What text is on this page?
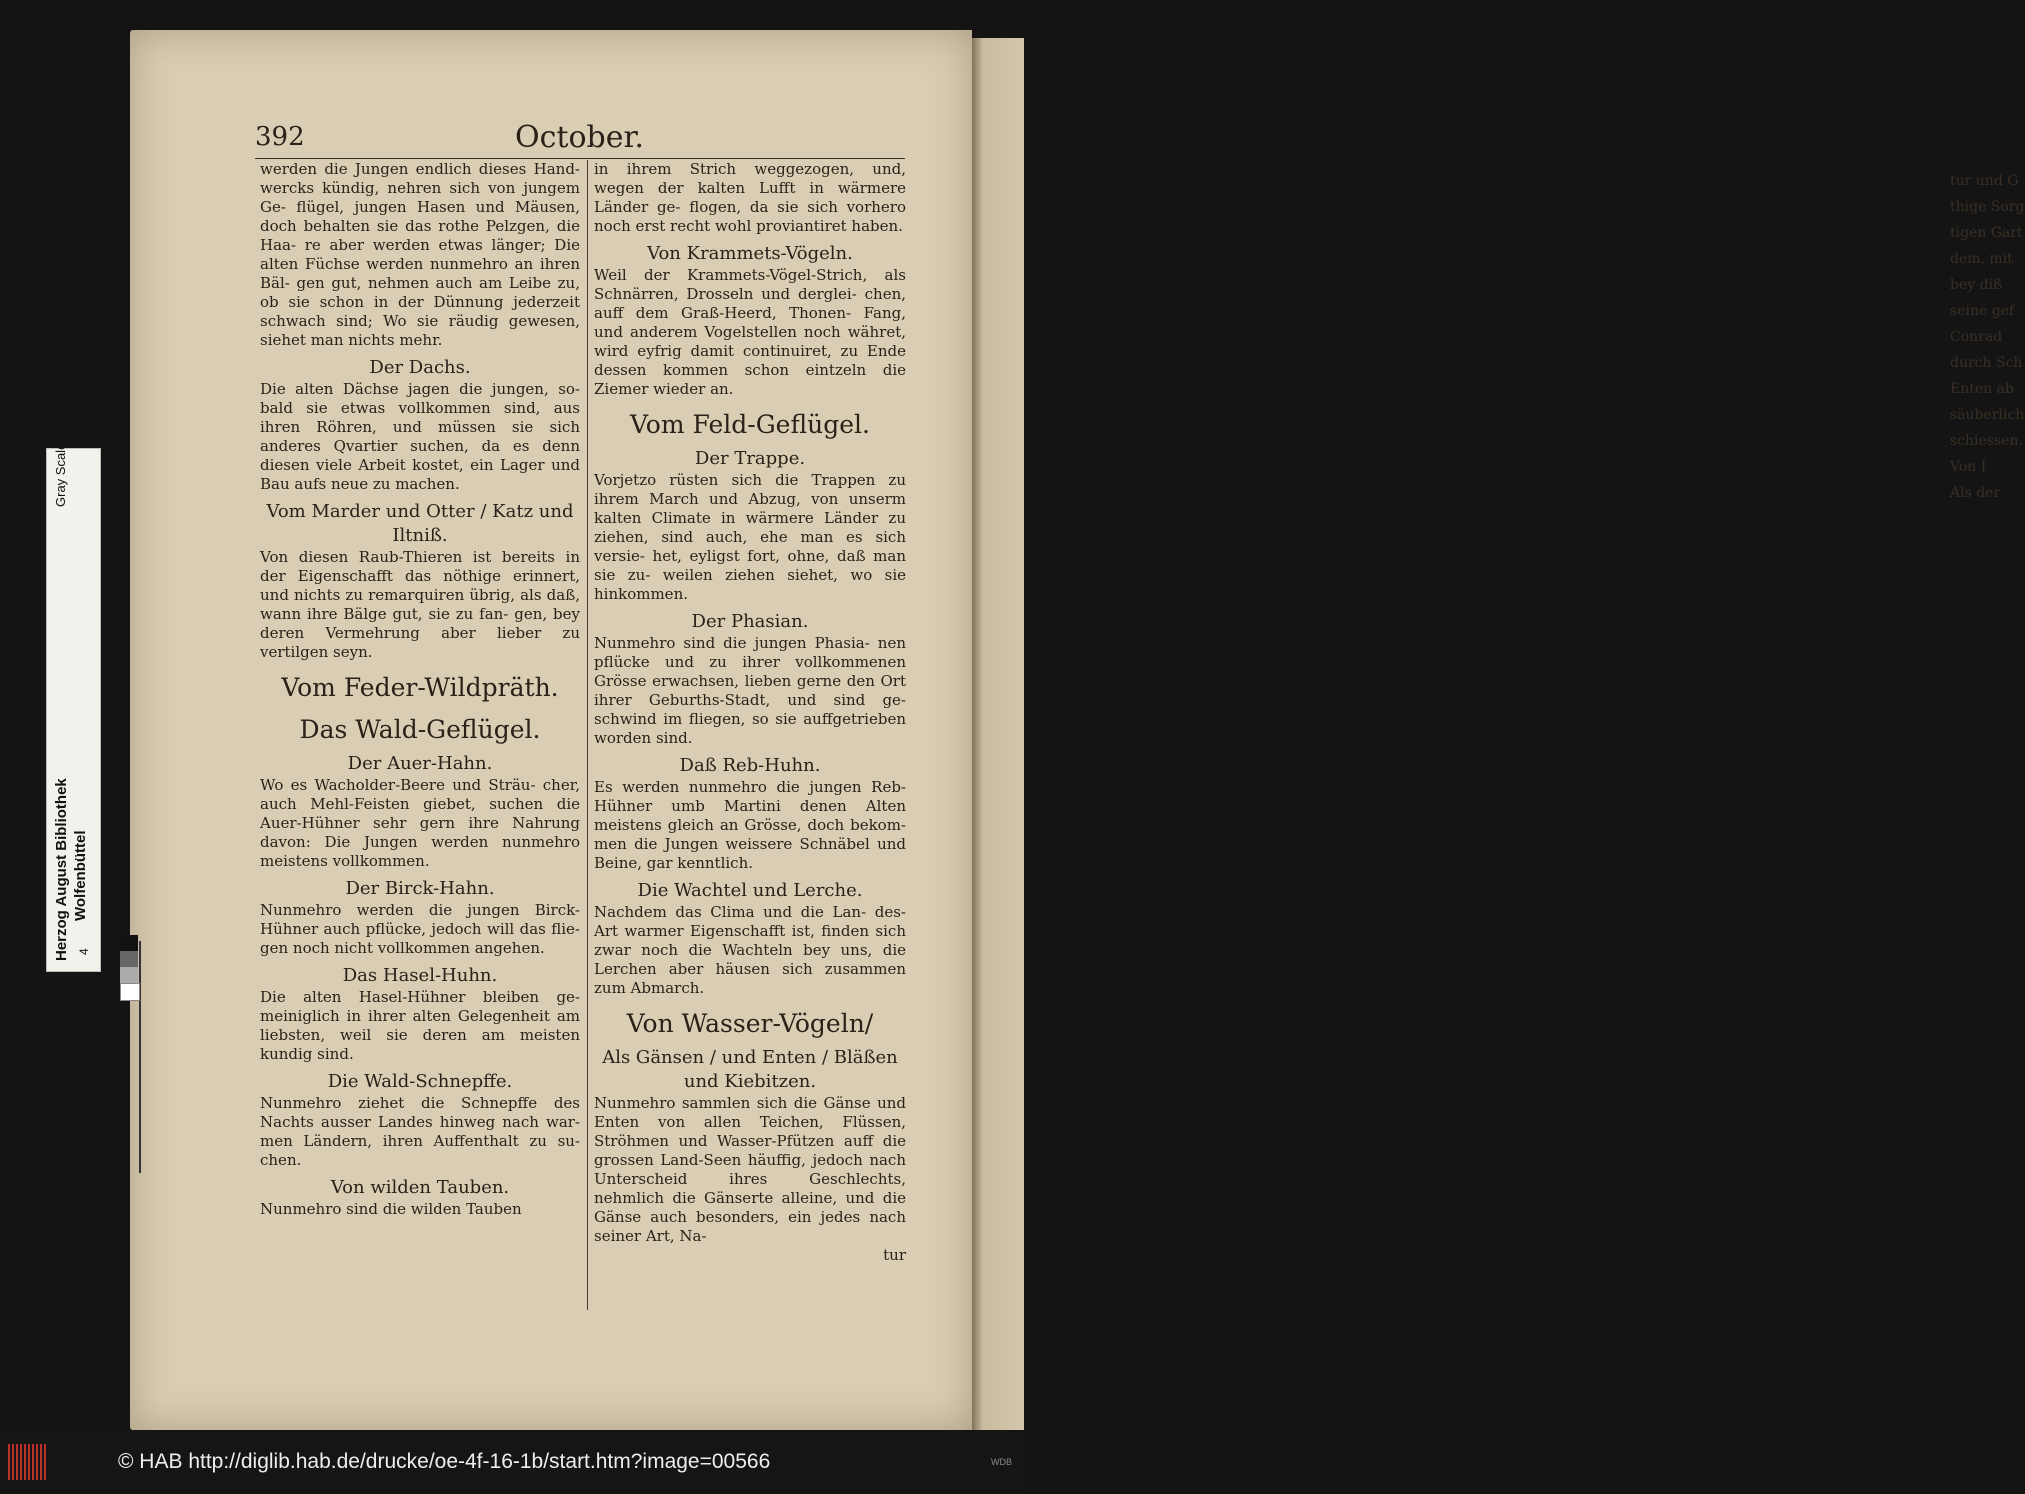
tur und G
thige Sorg
tigen Gart
dem, mit
bey diß
seine gef
Conrad
durch Sch
Enten ab
säuberlich
schiessen.
Von I
Als der
392	October.
werden die Jungen endlich dieses Hand- wercks kündig, nehren sich von jungem Ge- flügel, jungen Hasen und Mäusen, doch behalten sie das rothe Pelzgen, die Haa- re aber werden etwas länger; Die alten Füchse werden nunmehro an ihren Bäl- gen gut, nehmen auch am Leibe zu, ob sie schon in der Dünnung jederzeit schwach sind; Wo sie räudig gewesen, siehet man nichts mehr.
Der Dachs.
Die alten Dächse jagen die jungen, so- bald sie etwas vollkommen sind, aus ihren Röhren, und müssen sie sich anderes Qvartier suchen, da es denn diesen viele Arbeit kostet, ein Lager und Bau aufs neue zu machen.
Vom Marder und Otter / Katz und Iltniß.
Von diesen Raub-Thieren ist bereits in der Eigenschafft das nöthige erinnert, und nichts zu remarquiren übrig, als daß, wann ihre Bälge gut, sie zu fan- gen, bey deren Vermehrung aber lieber zu vertilgen seyn.
Vom Feder-Wildpräth.
Das Wald-Geflügel.
Der Auer-Hahn.
Wo es Wacholder-Beere und Sträu- cher, auch Mehl-Feisten giebet, suchen die Auer-Hühner sehr gern ihre Nahrung davon: Die Jungen werden nunmehro meistens vollkommen.
Der Birck-Hahn.
Nunmehro werden die jungen Birck- Hühner auch pflücke, jedoch will das flie- gen noch nicht vollkommen angehen.
Das Hasel-Huhn.
Die alten Hasel-Hühner bleiben ge- meiniglich in ihrer alten Gelegenheit am liebsten, weil sie deren am meisten kundig sind.
Die Wald-Schnepffe.
Nunmehro ziehet die Schnepffe des Nachts ausser Landes hinweg nach war- men Ländern, ihren Auffenthalt zu su- chen.
Von wilden Tauben.
Nunmehro sind die wilden Tauben
in ihrem Strich weggezogen, und, wegen der kalten Lufft in wärmere Länder ge- flogen, da sie sich vorhero noch erst recht wohl proviantiret haben.
Von Krammets-Vögeln.
Weil der Krammets-Vögel-Strich, als Schnärren, Drosseln und derglei- chen, auff dem Graß-Heerd, Thonen- Fang, und anderem Vogelstellen noch währet, wird eyfrig damit continuiret, zu Ende dessen kommen schon eintzeln die Ziemer wieder an.
Vom Feld-Geflügel.
Der Trappe.
Vorjetzo rüsten sich die Trappen zu ihrem March und Abzug, von unserm kalten Climate in wärmere Länder zu ziehen, sind auch, ehe man es sich versie- het, eyligst fort, ohne, daß man sie zu- weilen ziehen siehet, wo sie hinkommen.
Der Phasian.
Nunmehro sind die jungen Phasia- nen pflücke und zu ihrer vollkommenen Grösse erwachsen, lieben gerne den Ort ihrer Geburths-Stadt, und sind ge- schwind im fliegen, so sie auffgetrieben worden sind.
Daß Reb-Huhn.
Es werden nunmehro die jungen Reb-Hühner umb Martini denen Alten meistens gleich an Grösse, doch bekom- men die Jungen weissere Schnäbel und Beine, gar kenntlich.
Die Wachtel und Lerche.
Nachdem das Clima und die Lan- des-Art warmer Eigenschafft ist, finden sich zwar noch die Wachteln bey uns, die Lerchen aber häusen sich zusammen zum Abmarch.
Von Wasser-Vögeln/
Als Gänsen / und Enten / Bläßen und Kiebitzen.
Nunmehro sammlen sich die Gänse und Enten von allen Teichen, Flüssen, Ströhmen und Wasser-Pfützen auff die grossen Land-Seen häuffig, jedoch nach Unterscheid ihres Geschlechts, nehmlich die Gänserte alleine, und die Gänse auch besonders, ein jedes nach seiner Art, Na-
tur
Herzog August Bibliothek Wolfenbüttel
Gray Scale
0
1
2
3
4
© HAB http://diglib.hab.de/drucke/oe-4f-16-1b/start.htm?image=00566	WDB
